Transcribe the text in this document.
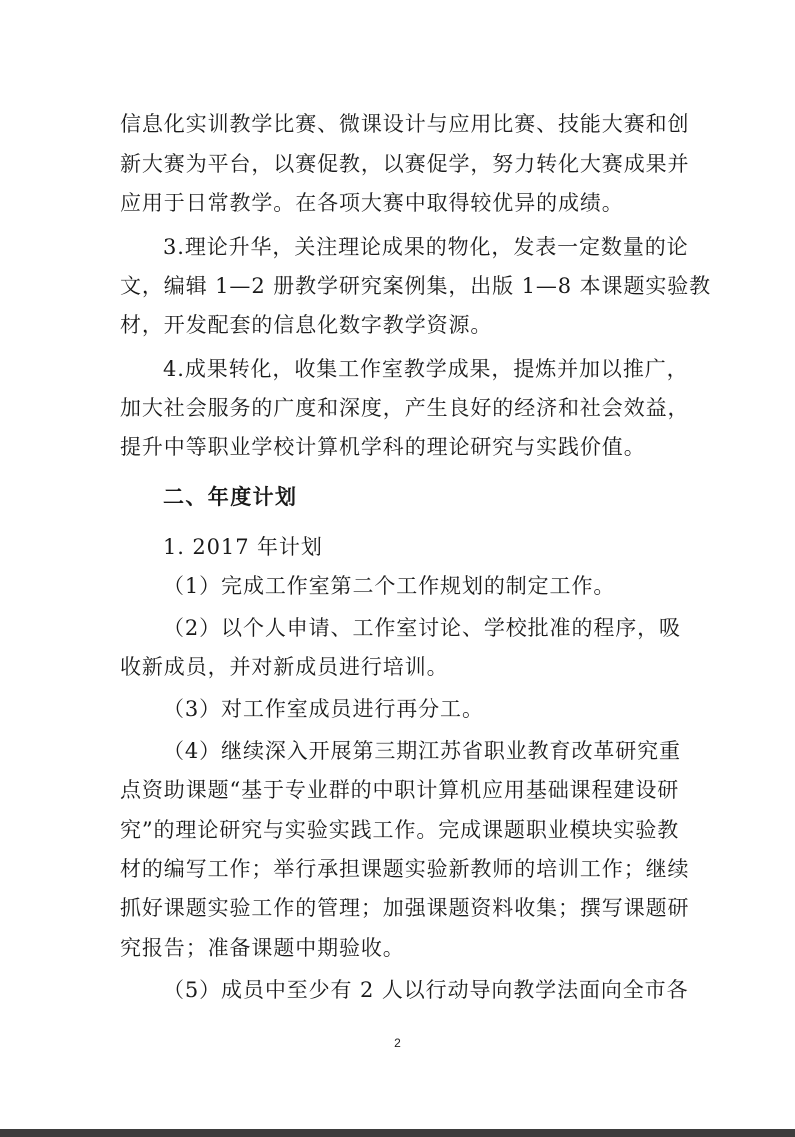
信息化实训教学比赛、微课设计与应用比赛、技能大赛和创

新大赛为平台，以赛促教，以赛促学，努力转化大赛成果并

应用于日常教学。在各项大赛中取得较优异的成绩。

3.理论升华，关注理论成果的物化，发表一定数量的论

文，编辑 1—2 册教学研究案例集，出版 1—8 本课题实验教

材，开发配套的信息化数字教学资源。

4.成果转化，收集工作室教学成果，提炼并加以推广，

加大社会服务的广度和深度，产生良好的经济和社会效益，

提升中等职业学校计算机学科的理论研究与实践价值。

二、年度计划

1. 2017 年计划

（1）完成工作室第二个工作规划的制定工作。

（2）以个人申请、工作室讨论、学校批准的程序，吸

收新成员，并对新成员进行培训。

（3）对工作室成员进行再分工。

（4）继续深入开展第三期江苏省职业教育改革研究重

点资助课题“基于专业群的中职计算机应用基础课程建设研

究”的理论研究与实验实践工作。完成课题职业模块实验教

材的编写工作；举行承担课题实验新教师的培训工作；继续

抓好课题实验工作的管理；加强课题资料收集；撰写课题研

究报告；准备课题中期验收。

（5）成员中至少有 2 人以行动导向教学法面向全市各

2
